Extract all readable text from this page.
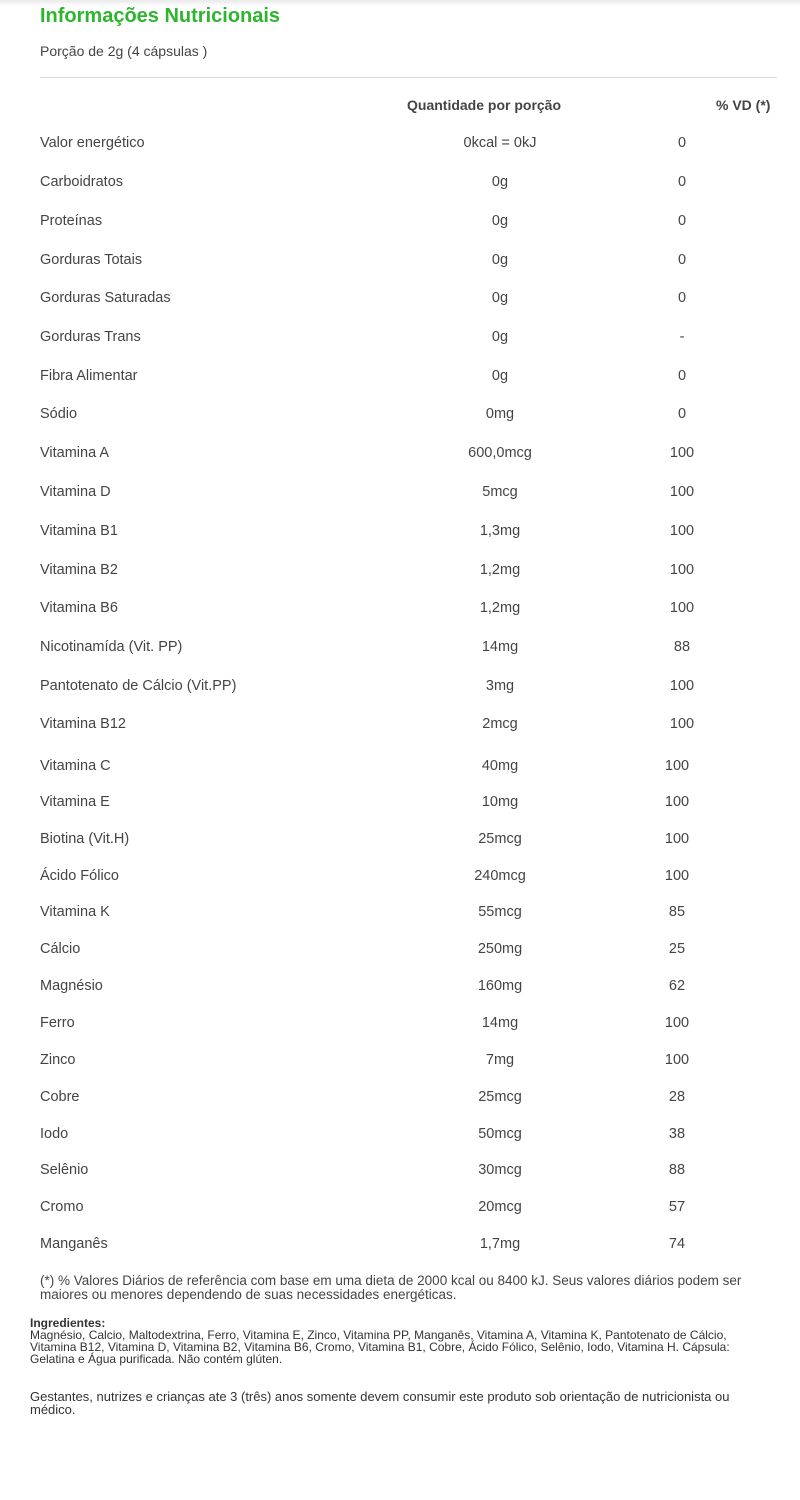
Informações Nutricionais
Porção de 2g (4 cápsulas )
Quantidade por porção	% VD (*)
Valor energético	0kcal = 0kJ	0
Carboidratos	0g	0
Proteínas	0g	0
Gorduras Totais	0g	0
Gorduras Saturadas	0g	0
Gorduras Trans	0g	-
Fibra Alimentar	0g	0
Sódio	0mg	0
Vitamina A	600,0mcg	100
Vitamina D	5mcg	100
Vitamina B1	1,3mg	100
Vitamina B2	1,2mg	100
Vitamina B6	1,2mg	100
Nicotinamída (Vit. PP)	14mg	88
Pantotenato de Cálcio (Vit.PP)	3mg	100
Vitamina B12	2mcg	100
Vitamina C	40mg	100
Vitamina E	10mg	100
Biotina (Vit.H)	25mcg	100
Ácido Fólico	240mcg	100
Vitamina K	55mcg	85
Cálcio	250mg	25
Magnésio	160mg	62
Ferro	14mg	100
Zinco	7mg	100
Cobre	25mcg	28
Iodo	50mcg	38
Selênio	30mcg	88
Cromo	20mcg	57
Manganês	1,7mg	74

(*) % Valores Diários de referência com base em uma dieta de 2000 kcal ou 8400 kJ. Seus valores diários podem ser maiores ou menores dependendo de suas necessidades energéticas.

Ingredientes:
Magnésio, Calcio, Maltodextrina, Ferro, Vitamina E, Zinco, Vitamina PP, Manganês, Vitamina A, Vitamina K, Pantotenato de Cálcio, Vitamina B12, Vitamina D, Vitamina B2, Vitamina B6, Cromo, Vitamina B1, Cobre, Ácido Fólico, Selênio, Iodo, Vitamina H. Cápsula: Gelatina e Água purificada. Não contém glúten.

Gestantes, nutrizes e crianças ate 3 (três) anos somente devem consumir este produto sob orientação de nutricionista ou médico.
